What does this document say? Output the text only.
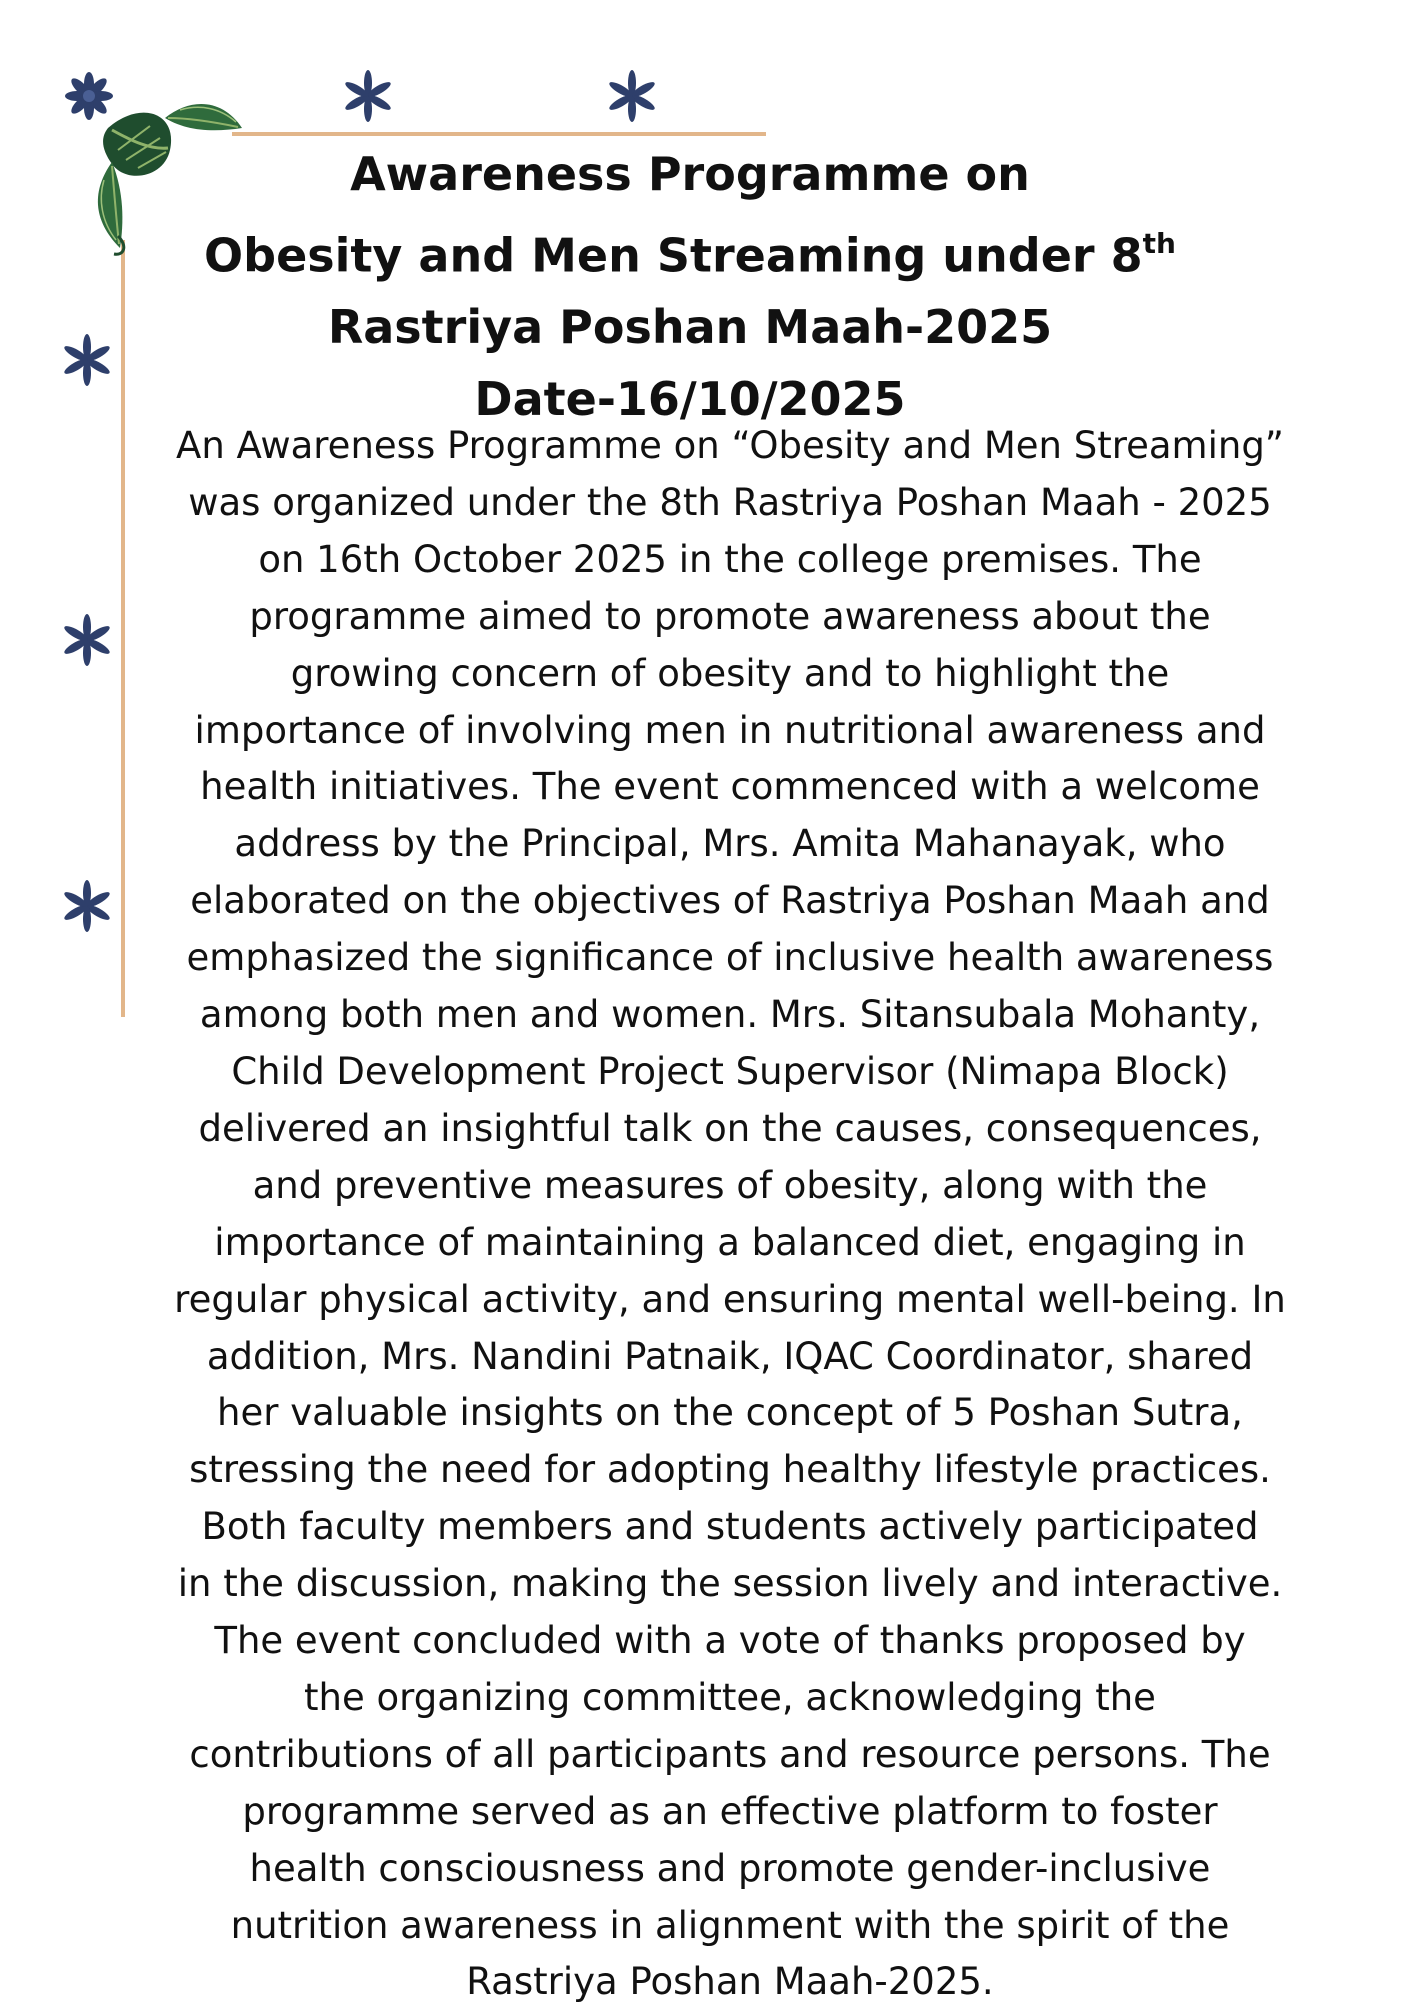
Awareness Programme on
Obesity and Men Streaming under 8th
Rastriya Poshan Maah-2025
Date-16/10/2025
An Awareness Programme on “Obesity and Men Streaming”
was organized under the 8th Rastriya Poshan Maah - 2025
on 16th October 2025 in the college premises. The
programme aimed to promote awareness about the
growing concern of obesity and to highlight the
importance of involving men in nutritional awareness and
health initiatives. The event commenced with a welcome
address by the Principal, Mrs. Amita Mahanayak, who
elaborated on the objectives of Rastriya Poshan Maah and
emphasized the significance of inclusive health awareness
among both men and women. Mrs. Sitansubala Mohanty,
Child Development Project Supervisor (Nimapa Block)
delivered an insightful talk on the causes, consequences,
and preventive measures of obesity, along with the
importance of maintaining a balanced diet, engaging in
regular physical activity, and ensuring mental well-being. In
addition, Mrs. Nandini Patnaik, IQAC Coordinator, shared
her valuable insights on the concept of 5 Poshan Sutra,
stressing the need for adopting healthy lifestyle practices.
Both faculty members and students actively participated
in the discussion, making the session lively and interactive.
The event concluded with a vote of thanks proposed by
the organizing committee, acknowledging the
contributions of all participants and resource persons. The
programme served as an effective platform to foster
health consciousness and promote gender-inclusive
nutrition awareness in alignment with the spirit of the
Rastriya Poshan Maah-2025.
